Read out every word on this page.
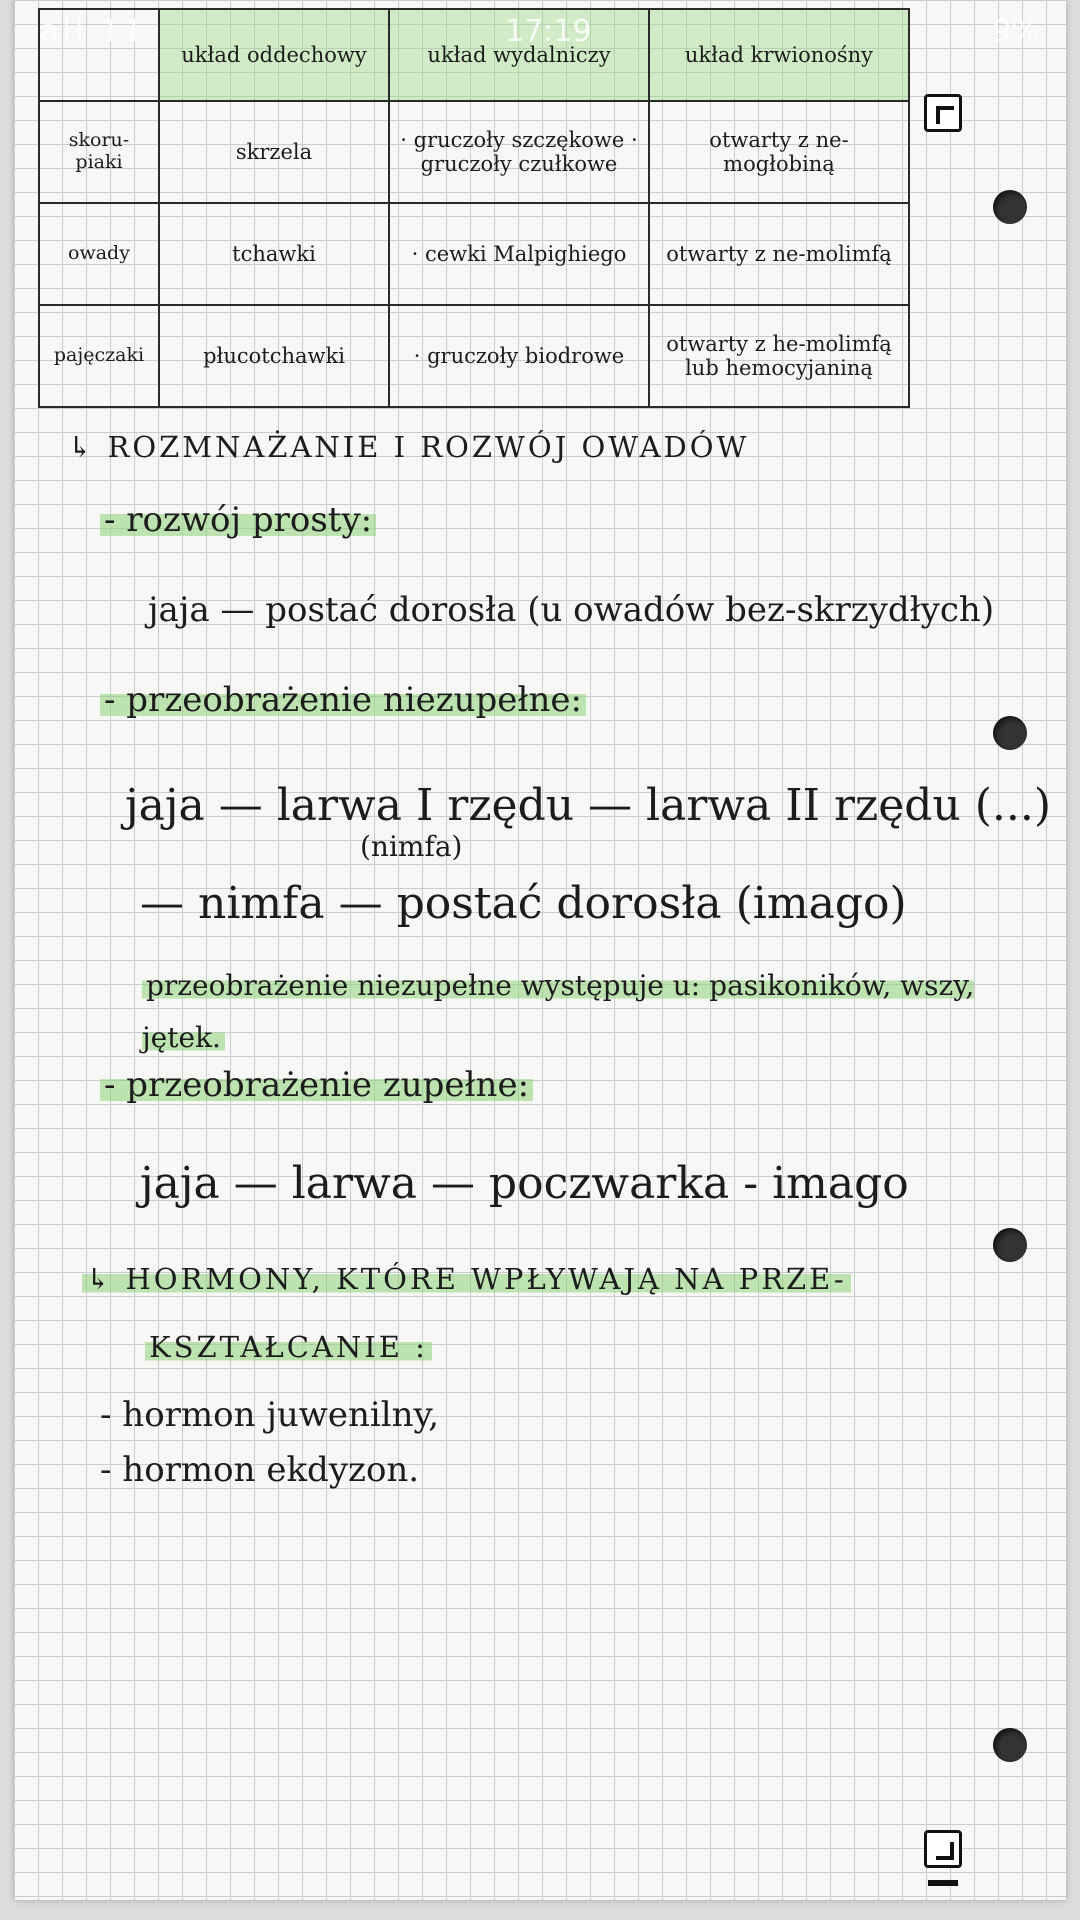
all 11	17:19	9%
	układ oddechowy	układ wydalniczy	układ krwionośny
skoru-piaki	skrzela	· gruczoły szczękowe · gruczoły czułkowe	otwarty z ne-mogłobiną
owady	tchawki	· cewki Malpighiego	otwarty z ne-molimfą
pajęczaki	płucotchawki	· gruczoły biodrowe	otwarty z he-molimfą lub hemocyjaniną
↳ ROZMNAŻANIE I ROZWÓJ OWADÓW
- rozwój prosty:
jaja — postać dorosła (u owadów bez-skrzydłych)
- przeobrażenie niezupełne:
jaja — larwa I rzędu — larwa II rzędu (...)
(nimfa)
— nimfa — postać dorosła (imago)
przeobrażenie niezupełne występuje u: pasikoników, wszy, jętek.
- przeobrażenie zupełne:
jaja — larwa — poczwarka - imago
↳ HORMONY, KTÓRE WPŁYWAJĄ NA PRZE-
KSZTAŁCANIE :
- hormon juwenilny,
- hormon ekdyzon.
